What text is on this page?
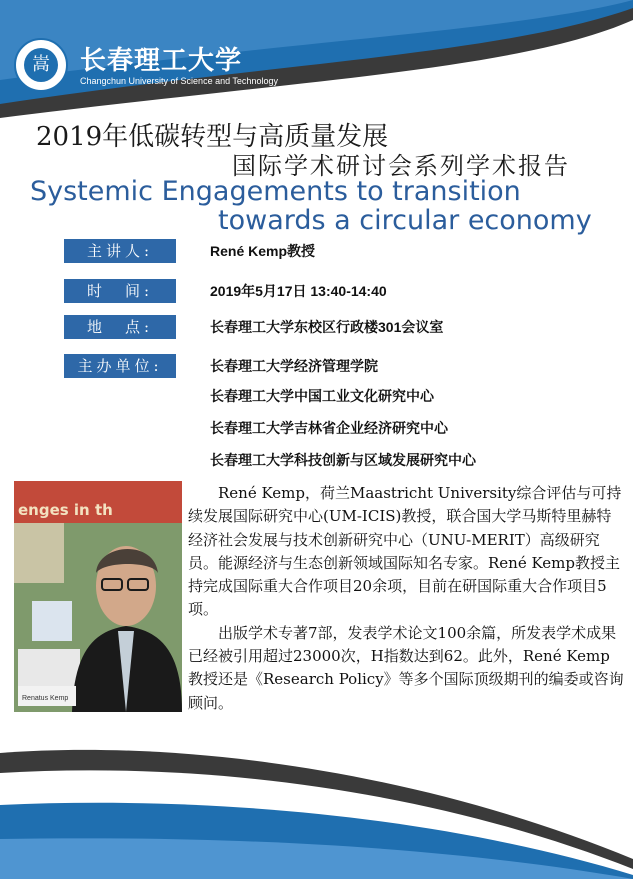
嵩	长春理工大学
Changchun University of Science and Technology
2019年低碳转型与高质量发展
国际学术研讨会系列学术报告
Systemic Engagements to transition
towards a circular economy
主讲人:	René Kemp教授
时　间:	2019年5月17日 13:40-14:40
地　点:	长春理工大学东校区行政楼301会议室
主办单位:	长春理工大学经济管理学院
长春理工大学中国工业文化研究中心
长春理工大学吉林省企业经济研究中心
长春理工大学科技创新与区域发展研究中心
enges in th
Renatus Kemp

René Kemp，荷兰Maastricht University综合评估与可持续发展国际研究中心(UM-ICIS)教授，联合国大学马斯特里赫特经济社会发展与技术创新研究中心（UNU-MERIT）高级研究员。能源经济与生态创新领域国际知名专家。René Kemp教授主持完成国际重大合作项目20余项，目前在研国际重大合作项目5项。

出版学术专著7部，发表学术论文100余篇，所发表学术成果已经被引用超过23000次，H指数达到62。此外，René Kemp 教授还是《Research Policy》等多个国际顶级期刊的编委或咨询顾问。
